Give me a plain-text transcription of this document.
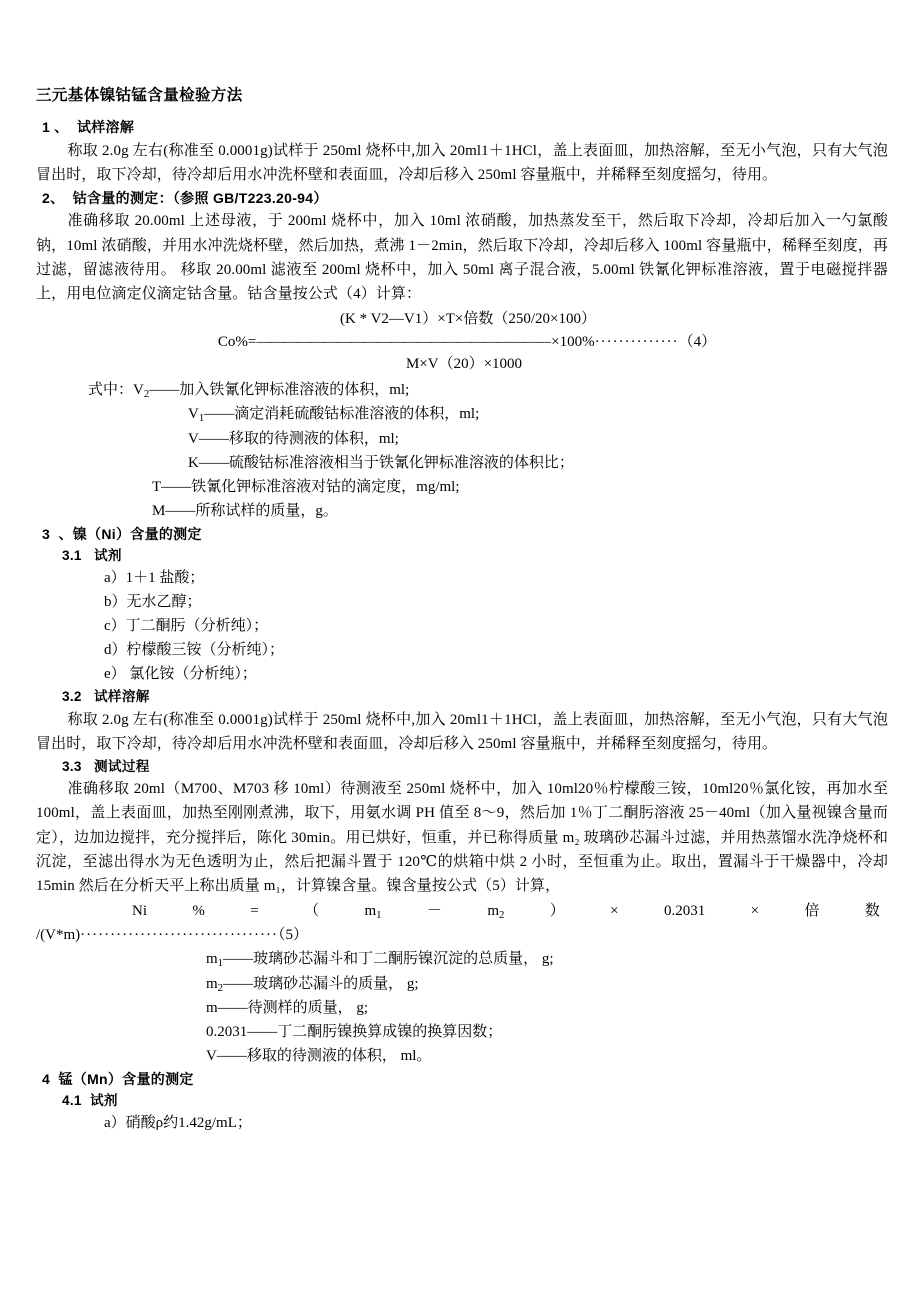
三元基体镍钴锰含量检验方法
1 、  试样溶解

称取 2.0g 左右(称准至 0.0001g)试样于 250ml 烧杯中,加入 20ml1＋1HCl，盖上表面皿，加热溶解，至无小气泡，只有大气泡冒出时，取下冷却，待冷却后用水冲洗杯壁和表面皿，冷却后移入 250ml 容量瓶中，并稀释至刻度摇匀，待用。

2、  钴含量的测定：（参照 GB/T223.20-94）

准确移取 20.00ml 上述母液，于 200ml 烧杯中，加入 10ml 浓硝酸，加热蒸发至干，然后取下冷却，冷却后加入一勺氯酸钠，10ml 浓硝酸，并用水冲洗烧杯壁，然后加热，煮沸 1－2min，然后取下冷却，冷却后移入 100ml 容量瓶中，稀释至刻度，再过滤，留滤液待用。 移取 20.00ml 滤液至 200ml 烧杯中，加入 50ml 离子混合液，5.00ml 铁氰化钾标准溶液，置于电磁搅拌器上，用电位滴定仪滴定钴含量。钴含量按公式（4）计算：

(K * V2—V1）×T×倍数（250/20×100）
Co%= —————————————————————— ×100% ·············· （4）
M×V（20）×1000
式中：$V_2——$加入铁氰化钾标准溶液的体积，ml;
$V_1——$滴定消耗硫酸钴标准溶液的体积，ml;
V——移取的待测液的体积，ml;
K——硫酸钴标准溶液相当于铁氰化钾标准溶液的体积比；
T——铁氰化钾标准溶液对钴的滴定度，mg/ml;
M——所称试样的质量，g。
3  、镍（Ni）含量的测定
3.1   试剂
a）1＋1 盐酸；
b）无水乙醇；
c）丁二酮肟（分析纯）；
d）柠檬酸三铵（分析纯）；
e） 氯化铵（分析纯）；
3.2   试样溶解

称取 2.0g 左右(称准至 0.0001g)试样于 250ml 烧杯中,加入 20ml1＋1HCl，盖上表面皿，加热溶解，至无小气泡，只有大气泡冒出时，取下冷却，待冷却后用水冲洗杯壁和表面皿，冷却后移入 250ml 容量瓶中，并稀释至刻度摇匀，待用。

3.3   测试过程

准确移取 20ml（M700、M703 移 10ml）待测液至 250ml 烧杯中，加入 10ml20％柠檬酸三铵，10ml20％氯化铵，再加水至 100ml，盖上表面皿，加热至刚刚煮沸，取下，用氨水调 PH 值至 8～9，然后加 1％丁二酮肟溶液 25－40ml（加入量视镍含量而定），边加边搅拌，充分搅拌后，陈化 30min。用已烘好，恒重，并已称得质量 m₂ 玻璃砂芯漏斗过滤，并用热蒸馏水洗净烧杯和沉淀，至滤出得水为无色透明为止，然后把漏斗置于 120℃的烘箱中烘 2 小时，至恒重为止。取出，置漏斗于干燥器中，冷却 15min 然后在分析天平上称出质量 m₁，计算镍含量。镍含量按公式（5）计算，

Ni	%	=	（	$m_1$	－	$m_2$	）	×	0.2031	×	倍	数
/(V*m)·································（5）
$m_1——$玻璃砂芯漏斗和丁二酮肟镍沉淀的总质量， g;
$m_2——$玻璃砂芯漏斗的质量， g;
m——待测样的质量， g;
0.2031——丁二酮肟镍换算成镍的换算因数；
V——移取的待测液的体积， ml。
4  锰（Mn）含量的测定
4.1  试剂
a）硝酸ρ约1.42g/mL；
